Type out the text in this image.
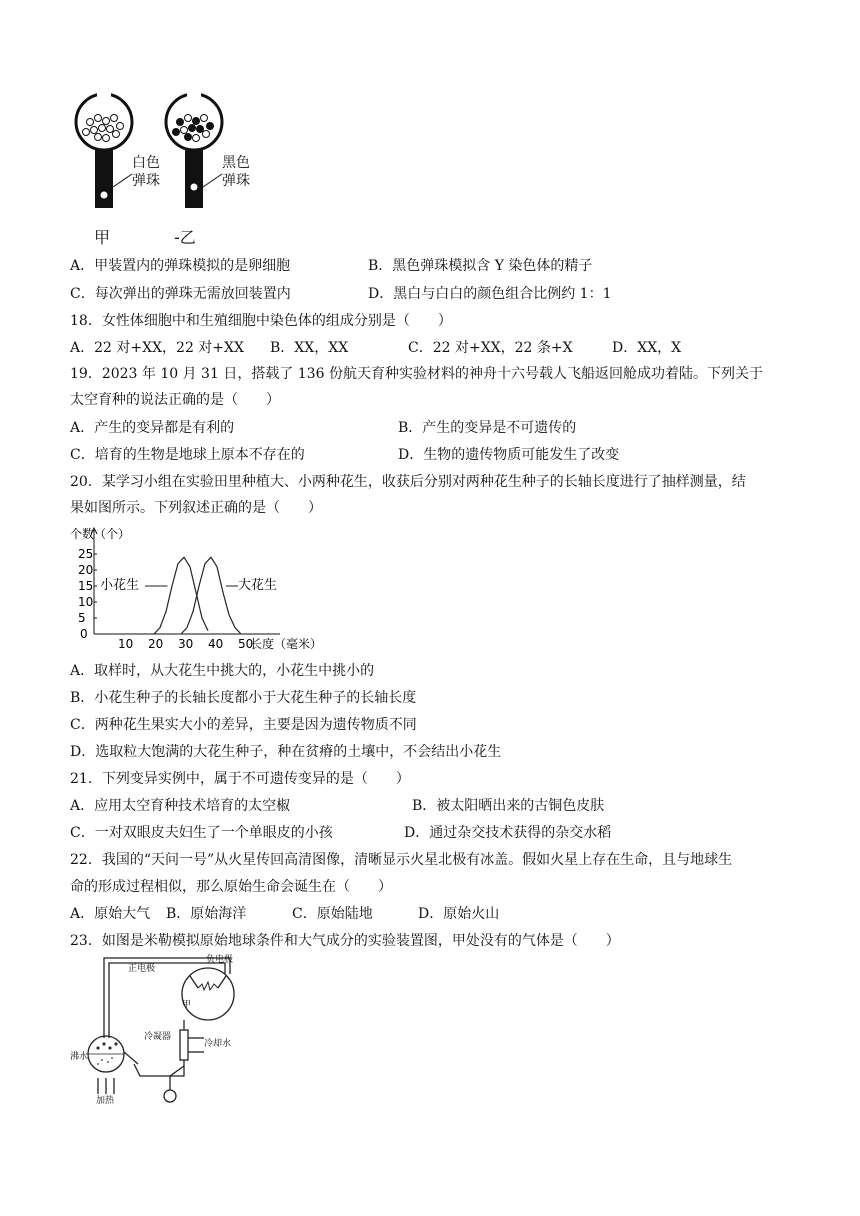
白色
弹珠
黑色
弹珠
甲	-乙
A．甲装置内的弹珠模拟的是卵细胞	B．黑色弹珠模拟含 Y 染色体的精子
C．每次弹出的弹珠无需放回装置内	D．黑白与白白的颜色组合比例约 1：1
18．女性体细胞中和生殖细胞中染色体的组成分别是（　　）
A．22 对+XX，22 对+XX B．XX，XX	C．22 对+XX，22 条+X	D．XX，X
19．2023 年 10 月 31 日，搭载了 136 份航天育种实验材料的神舟十六号载人飞船返回舱成功着陆。下列关于
太空育种的说法正确的是（　　）
A．产生的变异都是有利的	B．产生的变异是不可遗传的
C．培育的生物是地球上原本不存在的	D．生物的遗传物质可能发生了改变
20．某学习小组在实验田里种植大、小两种花生，收获后分别对两种花生种子的长轴长度进行了抽样测量，结
果如图所示。下列叙述正确的是（　　）
个数（个）
长度（毫米）
0
10 20 30 40 50
5
10
15
20
25
小花生	大花生
A．取样时，从大花生中挑大的，小花生中挑小的
B．小花生种子的长轴长度都小于大花生种子的长轴长度
C．两种花生果实大小的差异，主要是因为遗传物质不同
D．选取粒大饱满的大花生种子，种在贫瘠的土壤中，不会结出小花生
21．下列变异实例中，属于不可遗传变异的是（　　）
A．应用太空育种技术培育的太空椒	B．被太阳晒出来的古铜色皮肤
C．一对双眼皮夫妇生了一个单眼皮的小孩	D．通过杂交技术获得的杂交水稻
22．我国的“天问一号”从火星传回高清图像，清晰显示火星北极有冰盖。假如火星上存在生命，且与地球生
命的形成过程相似，那么原始生命会诞生在（　　）
A．原始大气 B．原始海洋	C．原始陆地	D．原始火山
23．如图是米勒模拟原始地球条件和大气成分的实验装置图，甲处没有的气体是（　　）
正电极
负电极
甲
冷凝器
冷却水
沸水
加热
